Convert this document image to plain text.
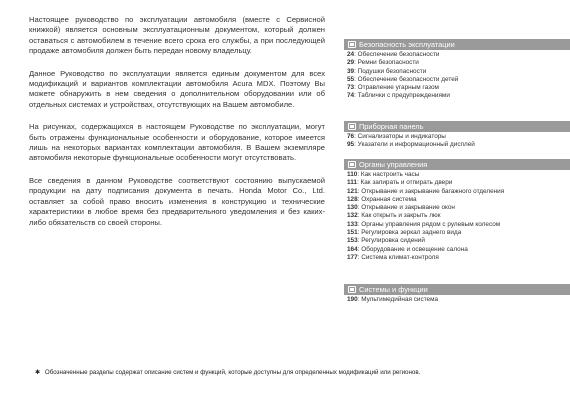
Настоящее руководство по эксплуатации автомобиля (вместе с Сервисной книжкой) является основным эксплуатационным документом, который должен оставаться с автомобилем в течение всего срока его службы, а при последующей продаже автомобиля должен быть передан новому владельцу.

Данное Руководство по эксплуатации является единым документом для всех модификаций и вариантов комплектации автомобиля Acura MDX. Поэтому Вы можете обнаружить в нем сведения о дополнительном оборудовании или об отдельных системах и устройствах, отсутствующих на Вашем автомобиле.

На рисунках, содержащихся в настоящем Руководстве по эксплуатации, могут быть отражены функциональные особенности и оборудование, которое имеется лишь на некоторых вариантах комплектации автомобиля. В Вашем экземпляре автомобиля некоторые функциональные особенности могут отсутствовать.

Все сведения в данном Руководстве соответствуют состоянию выпускаемой продукции на дату подписания документа в печать. Honda Motor Co., Ltd. оставляет за собой право вносить изменения в конструкцию и технические характеристики в любое время без предварительного уведомления и без каких-либо обязательств со своей стороны.

Безопасность эксплуатации
24: Обеспечение безопасности
29: Ремни безопасности
39: Подушки безопасности
55: Обеспечение безопасности детей
73: Отравление угарным газом
74: Таблички с предупреждениями
Приборная панель
76: Сигнализаторы и индикаторы
95: Указатели и информационный дисплей
Органы управления
110: Как настроить часы
111: Как запирать и отпирать двери
121: Открывание и закрывание багажного отделения
128: Охранная система
130: Открывание и закрывание окон
132: Как открыть и закрыть люк
133: Органы управления рядом с рулевым колесом
151: Регулировка зеркал заднего вида
153: Регулировка сидений
164: Оборудование и освещение салона
177: Система климат-контроля
Системы и функции
190: Мультимедийная система
✱ Обозначенные разделы содержат описание систем и функций, которые доступны для определенных модификаций или регионов.
